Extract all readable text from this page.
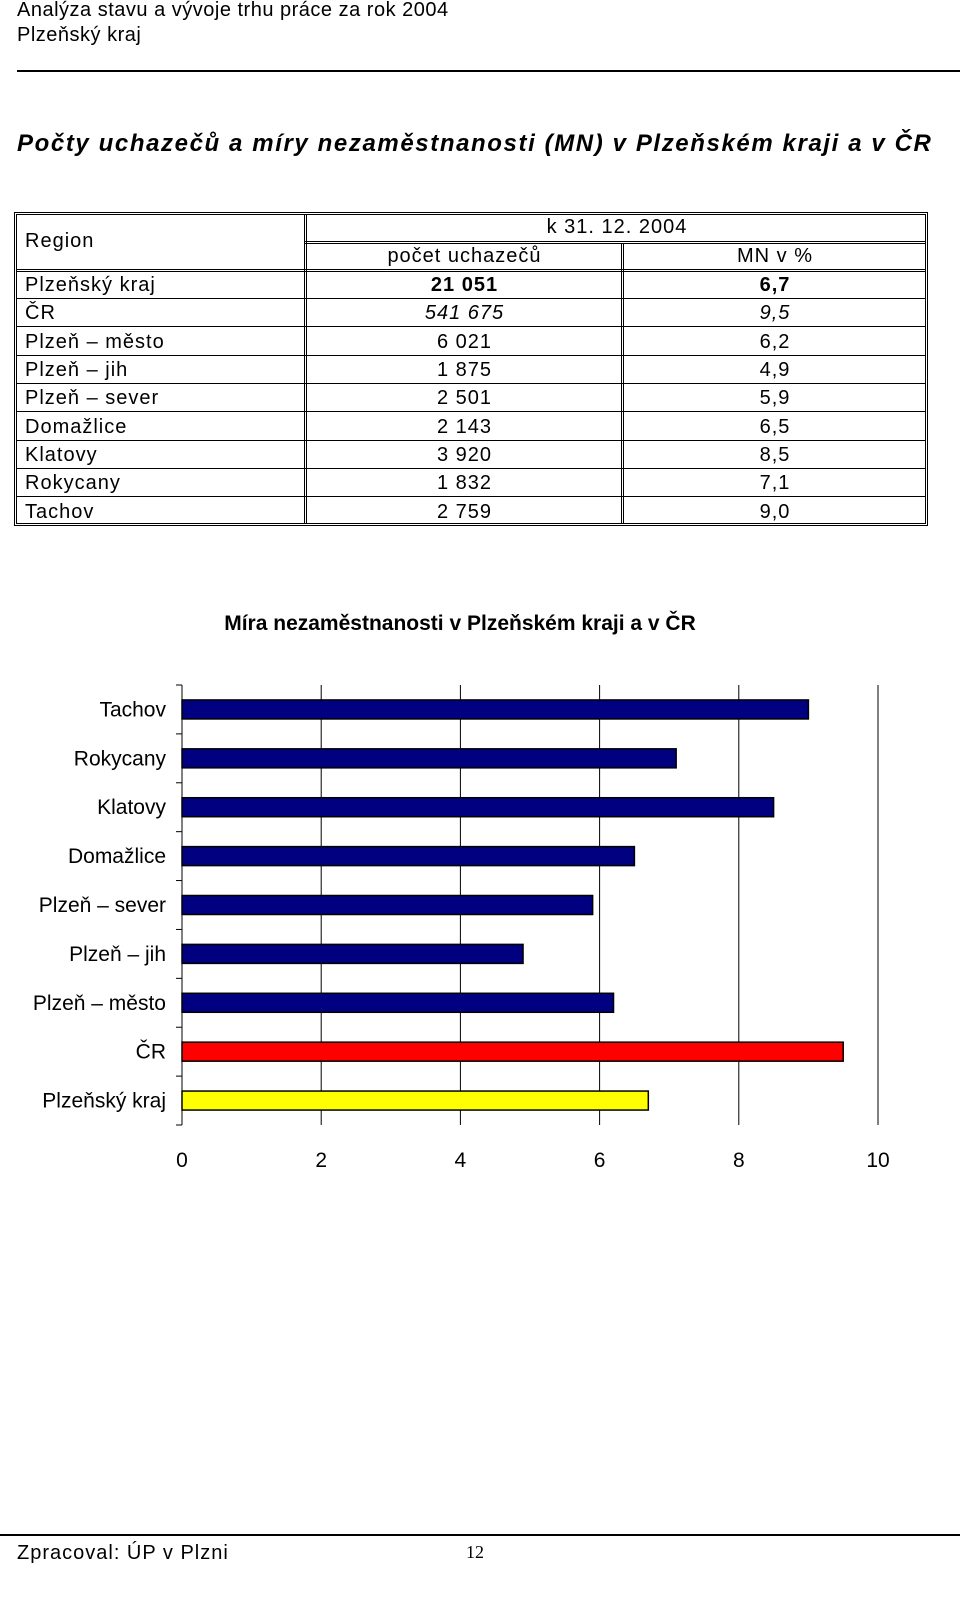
Analýza stavu a vývoje trhu práce za rok 2004
Plzeňský kraj
Počty uchazečů a míry nezaměstnanosti (MN) v Plzeňském kraji a v ČR
Region
k 31. 12. 2004
počet uchazečů	MN v %
Plzeňský kraj	21 051	6,7
ČR	541 675	9,5
Plzeň – město	6 021	6,2
Plzeň – jih	1 875	4,9
Plzeň – sever	2 501	5,9
Domažlice	2 143	6,5
Klatovy	3 920	8,5
Rokycany	1 832	7,1
Tachov	2 759	9,0
Míra nezaměstnanosti v Plzeňském kraji a v ČR
Tachov
Rokycany
Klatovy
Domažlice
Plzeň – sever
Plzeň – jih
Plzeň – město
ČR
Plzeňský kraj
0	2	4	6	8	10
Zpracoval: ÚP v Plzni	12
